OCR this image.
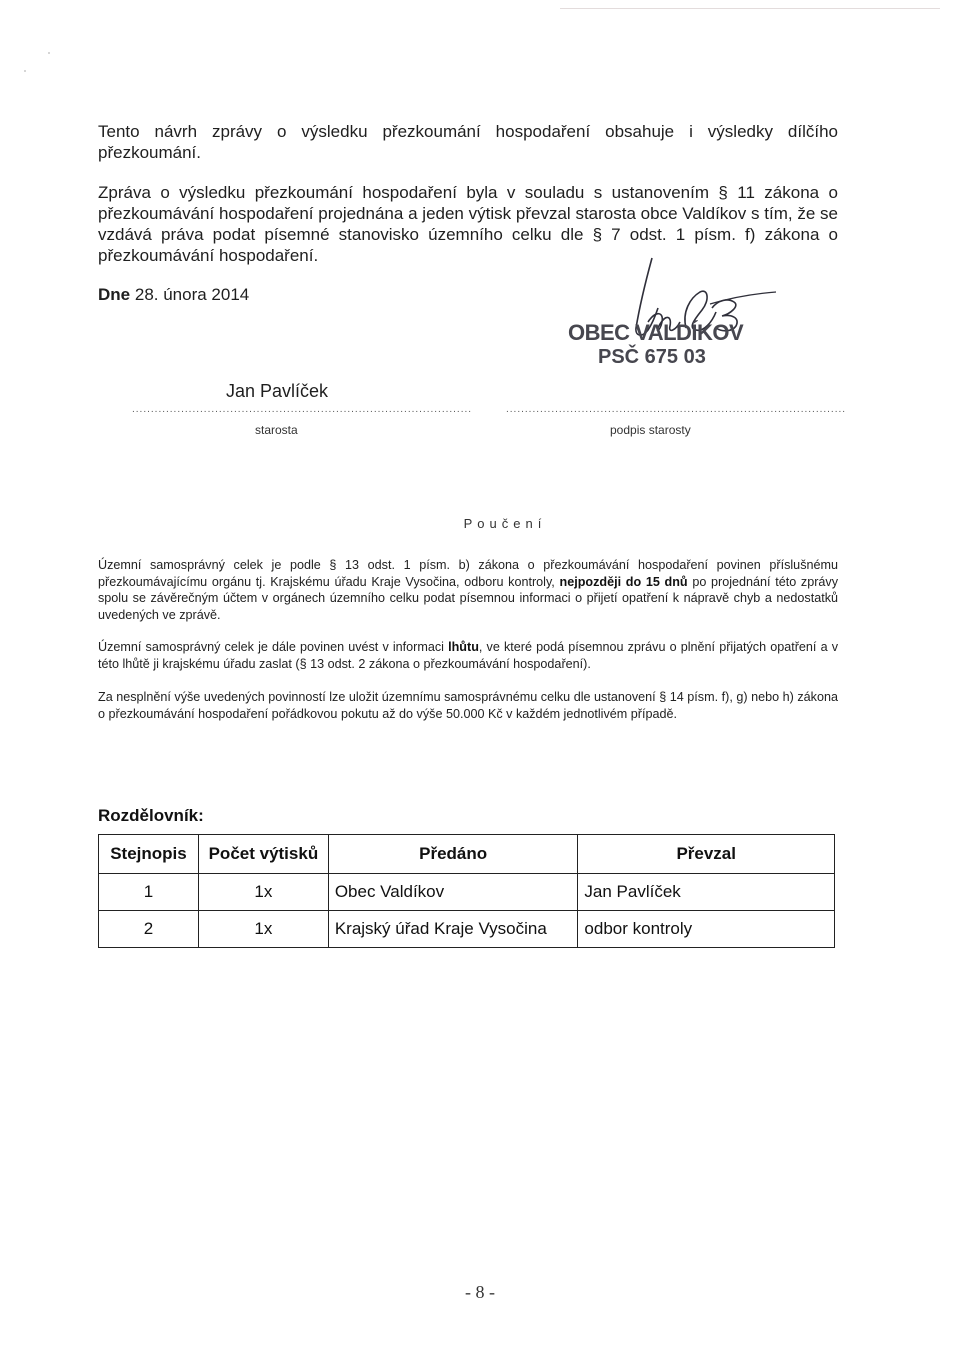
Tento návrh zprávy o výsledku přezkoumání hospodaření obsahuje i výsledky dílčího přezkoumání.

Zpráva o výsledku přezkoumání hospodaření byla v souladu s ustanovením § 11 zákona o přezkoumávání hospodaření projednána a jeden výtisk převzal starosta obce Valdíkov s tím, že se vzdává práva podat písemné stanovisko územního celku dle § 7 odst. 1 písm. f) zákona o přezkoumávání hospodaření.

Dne 28. února 2014
OBEC VALDÍKOV
PSČ 675 03
Jan Pavlíček
..........................................................................................	..........................................................................................
starosta	podpis starosty
Poučení

Územní samosprávný celek je podle § 13 odst. 1 písm. b) zákona o přezkoumávání hospodaření povinen příslušnému přezkoumávajícímu orgánu tj. Krajskému úřadu Kraje Vysočina, odboru kontroly, nejpozději do 15 dnů po projednání této zprávy spolu se závěrečným účtem v orgánech územního celku podat písemnou informaci o přijetí opatření k nápravě chyb a nedostatků uvedených ve zprávě.

Územní samosprávný celek je dále povinen uvést v informaci lhůtu, ve které podá písemnou zprávu o plnění přijatých opatření a v této lhůtě ji krajskému úřadu zaslat (§ 13 odst. 2 zákona o přezkoumávání hospodaření).

Za nesplnění výše uvedených povinností lze uložit územnímu samosprávnému celku dle ustanovení § 14 písm. f), g) nebo h) zákona o přezkoumávání hospodaření pořádkovou pokutu až do výše 50.000 Kč v každém jednotlivém případě.

Rozdělovník:
Stejnopis	Počet výtisků	Předáno	Převzal
1	1x	Obec Valdíkov	Jan Pavlíček
2	1x	Krajský úřad Kraje Vysočina	odbor kontroly
- 8 -
